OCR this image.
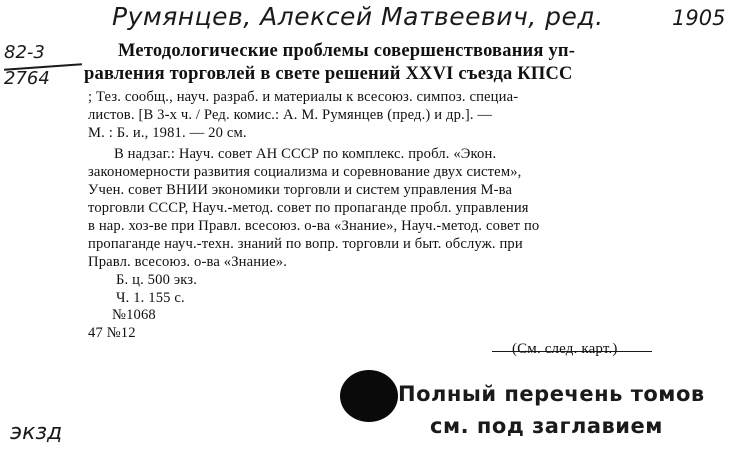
Румянцев, Алексей Матвеевич, ред.	1905
82-3
2764
Методологические проблемы совершенствования уп-
равления торговлей в свете решений XXVI съезда КПСС
; Тез. сообщ., науч. разраб. и материалы к всесоюз. симпоз. специа-
листов. [В 3-х ч. / Ред. комис.: А. М. Румянцев (пред.) и др.]. —
М. : Б. и., 1981. — 20 см.
В надзаг.: Науч. совет АН СССР по комплекс. пробл. «Экон.
закономерности развития социализма и соревнование двух систем»,
Учен. совет ВНИИ экономики торговли и систем управления М-ва
торговли СССР, Науч.-метод. совет по пропаганде пробл. управления
в нар. хоз-ве при Правл. всесоюз. о-ва «Знание», Науч.-метод. совет по
пропаганде науч.-техн. знаний по вопр. торговли и быт. обслуж. при
Правл. всесоюз. о-ва «Знание».
Б. ц. 500 экз.
Ч. 1. 155 с.
№1068
47 №12
(См. след. карт.)
Полный перечень томов
см. под заглавием
экзд
